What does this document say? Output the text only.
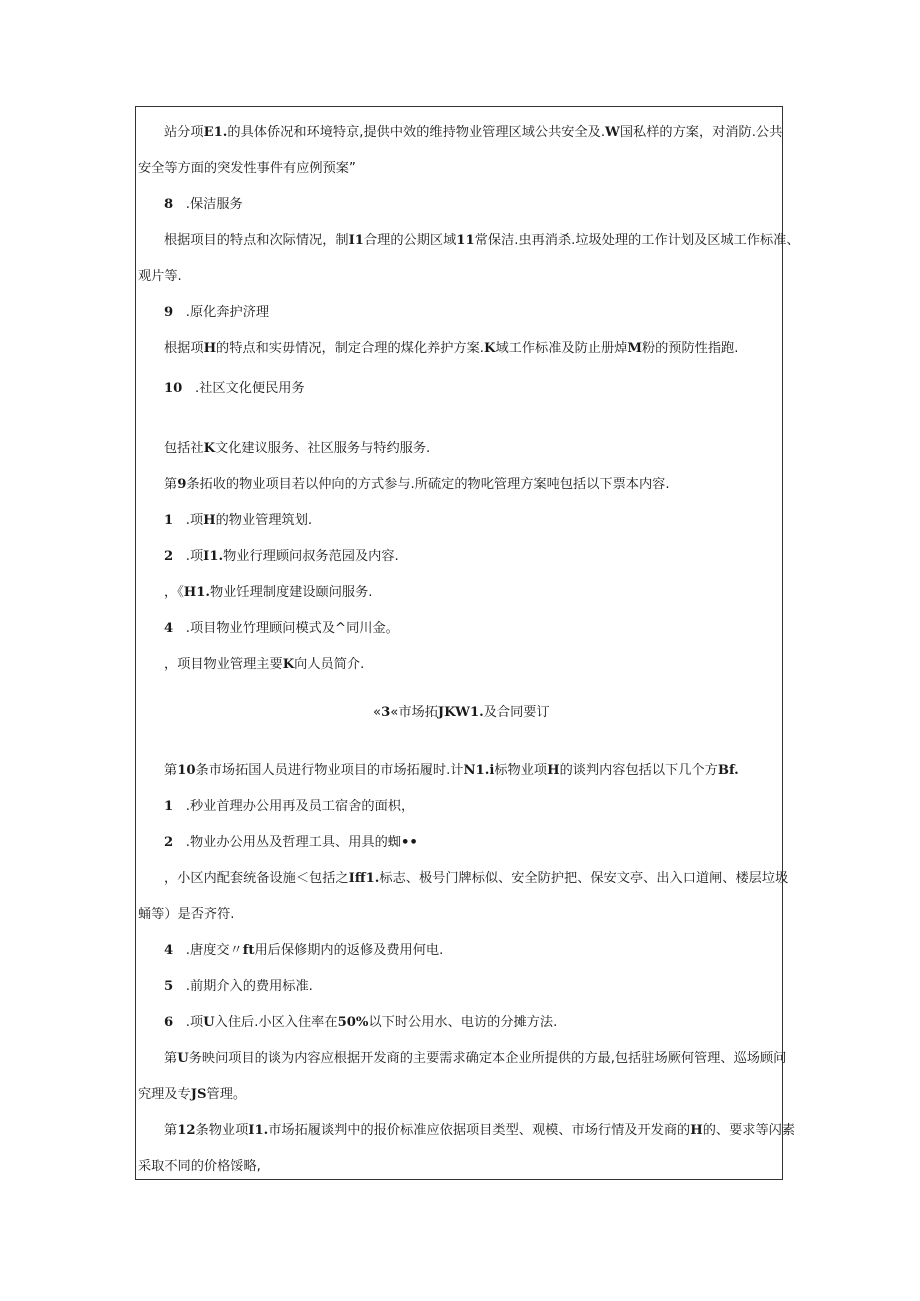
站分项E1.的具体侨况和环境特京,提供中效的维持物业管理区域公共安全及.W国私样的方案，对消防.公共
安全等方面的突发性事件有应例预案”
8 .保洁服务
根据项目的特点和次际情况，制I1合理的公期区域11常保洁.虫再消杀.垃圾处理的工作计划及区城工作标准、
观片等.
9 .原化奔护济理
根据项H的特点和实毋情况，制定合理的煤化养护方案.K域工作标准及防止册焯M粉的预防性指跑.
10 .社区文化便民用务
包括社K文化建议服务、社区服务与特约服务.
第9条拓收的物业项目若以仲向的方式参与.所硫定的物叱管理方案吨包括以下票本内容.
1 .项H的物业管理筑划.
2 .项I1.物业行理顾问叔务范园及内容.
，《H1.物业饪理制度建设颐问服务.
4 .项目物业竹理顾问模式及^同川金。
，项目物业管理主要K向人员简介.
«3«市场拓JKW1.及合同要订
第10条市场拓国人员进行物业项目的市场拓履时.计N1.i标物业项H的谈判内容包括以下几个方Bf.
1 .秒业首理办公用再及员工宿舍的面枳，
2 .物业办公用丛及哲理工具、用具的蜘••
，小区内配套统备设施＜包括之Iff1.标志、极号门牌标似、安全防护把、保安文亭、出入口道闸、楼层垃圾
蛹等）是否齐符.
4 .唐度交〃ft用后保修期内的返修及费用何电.
5 .前期介入的费用标准.
6 .项U入住后.小区入住率在50%以下时公用水、电访的分摊方法.
第U务映问项目的谈为内容应根据开发商的主要需求确定本企业所提供的方最,包括驻场厥何管理、巡场顾问
究理及专JS管理。
第12条物业项I1.市场拓履谈判中的报价标准应依据项目类型、观模、市场行情及开发商的H的、要求等闪素
采取不同的价格馁略,
